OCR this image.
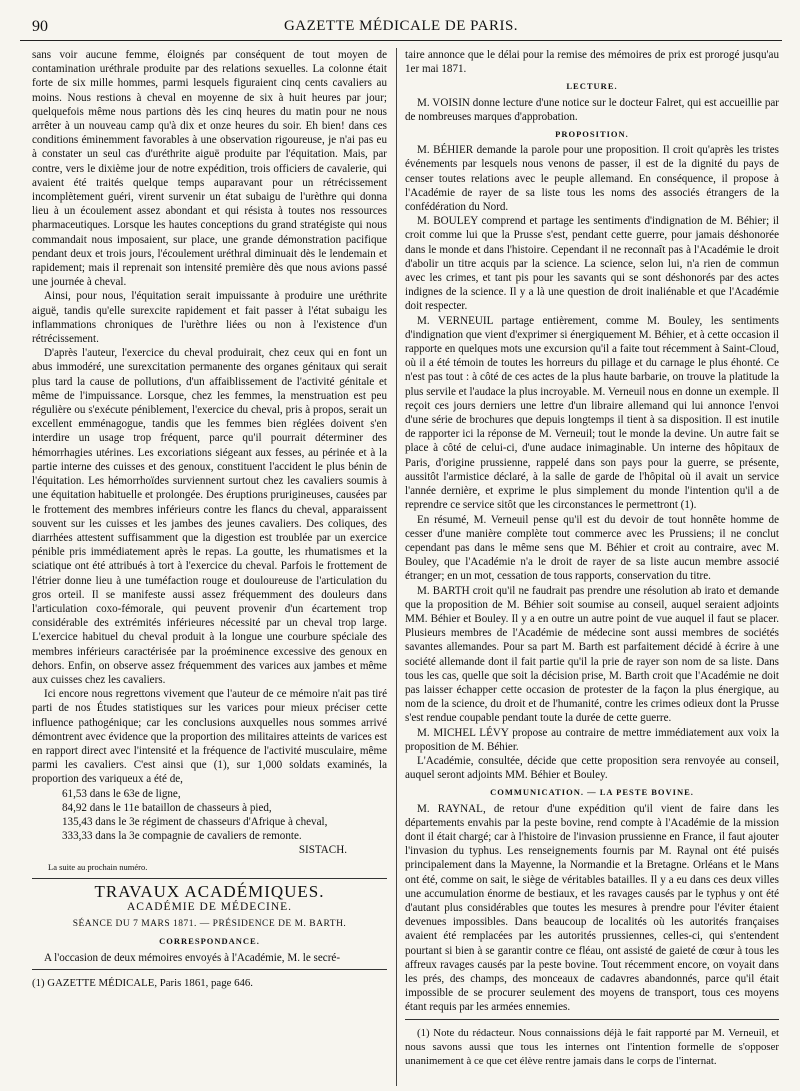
90	GAZETTE MÉDICALE DE PARIS.

sans voir aucune femme, éloignés par conséquent de tout moyen de contamination uréthrale produite par des relations sexuelles. La colonne était forte de six mille hommes, parmi lesquels figuraient cinq cents cavaliers au moins. Nous restions à cheval en moyenne de six à huit heures par jour; quelquefois même nous partions dès les cinq heures du matin pour ne nous arrêter à un nouveau camp qu'à dix et onze heures du soir. Eh bien! dans ces conditions éminemment favorables à une observation rigoureuse, je n'ai pas eu à constater un seul cas d'uréthrite aiguë produite par l'équitation. Mais, par contre, vers le dixième jour de notre expédition, trois officiers de cavalerie, qui avaient été traités quelque temps auparavant pour un rétrécissement incomplètement guéri, virent survenir un état subaigu de l'urèthre qui donna lieu à un écoulement assez abondant et qui résista à toutes nos ressources pharmaceutiques. Lorsque les hautes conceptions du grand stratégiste qui nous commandait nous imposaient, sur place, une grande démonstration pacifique pendant deux et trois jours, l'écoulement uréthral diminuait dès le lendemain et rapidement; mais il reprenait son intensité première dès que nous avions passé une journée à cheval.

Ainsi, pour nous, l'équitation serait impuissante à produire une uréthrite aiguë, tandis qu'elle surexcite rapidement et fait passer à l'état subaigu les inflammations chroniques de l'urèthre liées ou non à l'existence d'un rétrécissement.

D'après l'auteur, l'exercice du cheval produirait, chez ceux qui en font un abus immodéré, une surexcitation permanente des organes génitaux qui serait plus tard la cause de pollutions, d'un affaiblissement de l'activité génitale et même de l'impuissance. Lorsque, chez les femmes, la menstruation est peu régulière ou s'exécute péniblement, l'exercice du cheval, pris à propos, serait un excellent emménagogue, tandis que les femmes bien réglées doivent s'en interdire un usage trop fréquent, parce qu'il pourrait déterminer des hémorrhagies utérines. Les excoriations siégeant aux fesses, au périnée et à la partie interne des cuisses et des genoux, constituent l'accident le plus bénin de l'équitation. Les hémorrhoïdes surviennent surtout chez les cavaliers soumis à une équitation habituelle et prolongée. Des éruptions prurigineuses, causées par le frottement des membres inférieurs contre les flancs du cheval, apparaissent souvent sur les cuisses et les jambes des jeunes cavaliers. Des coliques, des diarrhées attestent suffisamment que la digestion est troublée par un exercice pénible pris immédiatement après le repas. La goutte, les rhumatismes et la sciatique ont été attribués à tort à l'exercice du cheval. Parfois le frottement de l'étrier donne lieu à une tuméfaction rouge et douloureuse de l'articulation du gros orteil. Il se manifeste aussi assez fréquemment des douleurs dans l'articulation coxo-fémorale, qui peuvent provenir d'un écartement trop considérable des extrémités inférieures nécessité par un cheval trop large. L'exercice habituel du cheval produit à la longue une courbure spéciale des membres inférieurs caractérisée par la proéminence excessive des genoux en dehors. Enfin, on observe assez fréquemment des varices aux jambes et même aux cuisses chez les cavaliers.

Ici encore nous regrettons vivement que l'auteur de ce mémoire n'ait pas tiré parti de nos Études statistiques sur les varices pour mieux préciser cette influence pathogénique; car les conclusions auxquelles nous sommes arrivé démontrent avec évidence que la proportion des militaires atteints de varices est en rapport direct avec l'intensité et la fréquence de l'activité musculaire, même parmi les cavaliers. C'est ainsi que (1), sur 1,000 soldats examinés, la proportion des variqueux a été de,

61,53 dans le 63e de ligne,
84,92 dans le 11e bataillon de chasseurs à pied,
135,43 dans le 3e régiment de chasseurs d'Afrique à cheval,
333,33 dans la 3e compagnie de cavaliers de remonte.
SISTACH.
La suite au prochain numéro.
TRAVAUX ACADÉMIQUES.
ACADÉMIE DE MÉDECINE.
SÉANCE DU 7 MARS 1871. — PRÉSIDENCE DE M. BARTH.
CORRESPONDANCE.

A l'occasion de deux mémoires envoyés à l'Académie, M. le secré-

(1) GAZETTE MÉDICALE, Paris 1861, page 646.

taire annonce que le délai pour la remise des mémoires de prix est prorogé jusqu'au 1er mai 1871.

LECTURE.

M. VOISIN donne lecture d'une notice sur le docteur Falret, qui est accueillie par de nombreuses marques d'approbation.

PROPOSITION.

M. BÉHIER demande la parole pour une proposition. Il croit qu'après les tristes événements par lesquels nous venons de passer, il est de la dignité du pays de censer toutes relations avec le peuple allemand. En conséquence, il propose à l'Académie de rayer de sa liste tous les noms des associés étrangers de la confédération du Nord.

M. BOULEY comprend et partage les sentiments d'indignation de M. Béhier; il croit comme lui que la Prusse s'est, pendant cette guerre, pour jamais déshonorée dans le monde et dans l'histoire. Cependant il ne reconnaît pas à l'Académie le droit d'abolir un titre acquis par la science. La science, selon lui, n'a rien de commun avec les crimes, et tant pis pour les savants qui se sont déshonorés par des actes indignes de la science. Il y a là une question de droit inaliénable et que l'Académie doit respecter.

M. VERNEUIL partage entièrement, comme M. Bouley, les sentiments d'indignation que vient d'exprimer si énergiquement M. Béhier, et à cette occasion il rapporte en quelques mots une excursion qu'il a faite tout récemment à Saint-Cloud, où il a été témoin de toutes les horreurs du pillage et du carnage le plus éhonté. Ce n'est pas tout : à côté de ces actes de la plus haute barbarie, on trouve la platitude la plus servile et l'audace la plus incroyable. M. Verneuil nous en donne un exemple. Il reçoit ces jours derniers une lettre d'un libraire allemand qui lui annonce l'envoi d'une série de brochures que depuis longtemps il tient à sa disposition. Il est inutile de rapporter ici la réponse de M. Verneuil; tout le monde la devine. Un autre fait se place à côté de celui-ci, d'une audace inimaginable. Un interne des hôpitaux de Paris, d'origine prussienne, rappelé dans son pays pour la guerre, se présente, aussitôt l'armistice déclaré, à la salle de garde de l'hôpital où il avait un service l'année dernière, et exprime le plus simplement du monde l'intention qu'il a de reprendre ce service sitôt que les circonstances le permettront (1).

En résumé, M. Verneuil pense qu'il est du devoir de tout honnête homme de cesser d'une manière complète tout commerce avec les Prussiens; il ne conclut cependant pas dans le même sens que M. Béhier et croit au contraire, avec M. Bouley, que l'Académie n'a le droit de rayer de sa liste aucun membre associé étranger; en un mot, cessation de tous rapports, conservation du titre.

M. BARTH croit qu'il ne faudrait pas prendre une résolution ab irato et demande que la proposition de M. Béhier soit soumise au conseil, auquel seraient adjoints MM. Béhier et Bouley. Il y a en outre un autre point de vue auquel il faut se placer. Plusieurs membres de l'Académie de médecine sont aussi membres de sociétés savantes allemandes. Pour sa part M. Barth est parfaitement décidé à écrire à une société allemande dont il fait partie qu'il la prie de rayer son nom de sa liste. Dans tous les cas, quelle que soit la décision prise, M. Barth croit que l'Académie ne doit pas laisser échapper cette occasion de protester de la façon la plus énergique, au nom de la science, du droit et de l'humanité, contre les crimes odieux dont la Prusse s'est rendue coupable pendant toute la durée de cette guerre.

M. MICHEL LÉVY propose au contraire de mettre immédiatement aux voix la proposition de M. Béhier.

L'Académie, consultée, décide que cette proposition sera renvoyée au conseil, auquel seront adjoints MM. Béhier et Bouley.

COMMUNICATION. — LA PESTE BOVINE.

M. RAYNAL, de retour d'une expédition qu'il vient de faire dans les départements envahis par la peste bovine, rend compte à l'Académie de la mission dont il était chargé; car à l'histoire de l'invasion prussienne en France, il faut ajouter l'invasion du typhus. Les renseignements fournis par M. Raynal ont été puisés principalement dans la Mayenne, la Normandie et la Bretagne. Orléans et le Mans ont été, comme on sait, le siège de véritables batailles. Il y a eu dans ces deux villes une accumulation énorme de bestiaux, et les ravages causés par le typhus y ont été d'autant plus considérables que toutes les mesures à prendre pour l'éviter étaient devenues impossibles. Dans beaucoup de localités où les autorités françaises avaient été remplacées par les autorités prussiennes, celles-ci, qui s'entendent pourtant si bien à se garantir contre ce fléau, ont assisté de gaieté de cœur à tous les affreux ravages causés par la peste bovine. Tout récemment encore, on voyait dans les prés, des champs, des monceaux de cadavres abandonnés, parce qu'il était impossible de se procurer seulement des moyens de transport, tous ces moyens étant requis par les armées ennemies.

(1) Note du rédacteur. Nous connaissions déjà le fait rapporté par M. Verneuil, et nous savons aussi que tous les internes ont l'intention formelle de s'opposer unanimement à ce que cet élève rentre jamais dans le corps de l'internat.
